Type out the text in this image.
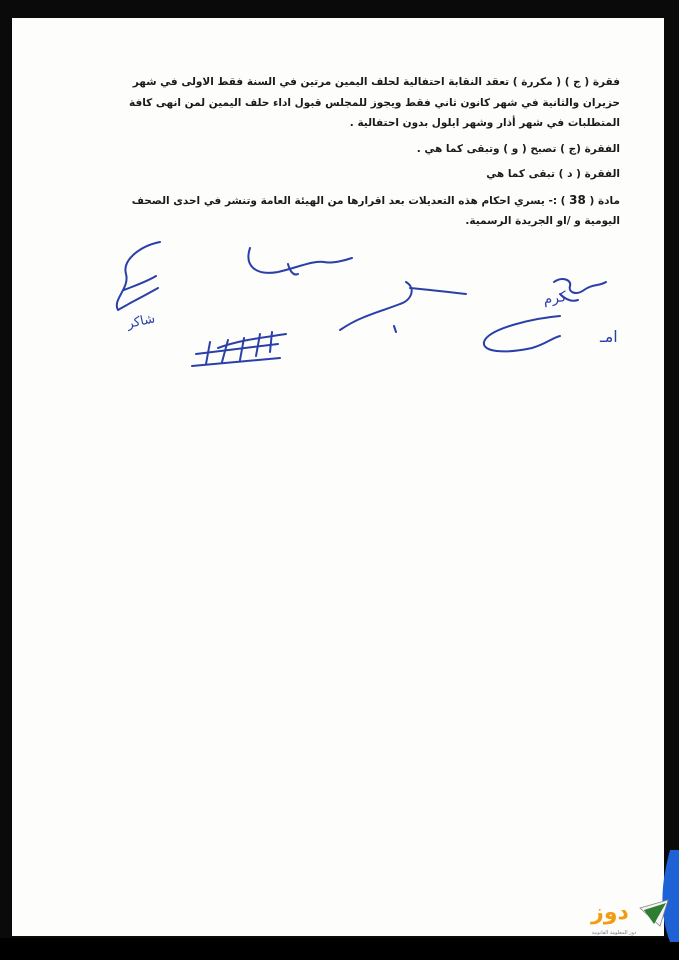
فقرة ( ج ) ( مكررة ) تعقد النقابة احتفالية لحلف اليمين مرتين في السنة فقط الاولى في شهر
حزيران والثانية في شهر كانون ثاني فقط ويجوز للمجلس قبول اداء حلف اليمين لمن انهى كافة
المتطلبات في شهر أذار وشهر ايلول بدون احتفالية .

الفقرة (ج ) تصبح ( و ) وتبقى كما هي .

الفقرة ( د ) تبقى كما هي

مادة ( 38 ) :- يسري احكام هذه التعديلات بعد اقرارها من الهيئة العامة وتنشر في احدى الصحف
اليومية و /او الجريدة الرسمية.

شاكر
كرم
امـ
دوز
دوز المعلومة القانونية
